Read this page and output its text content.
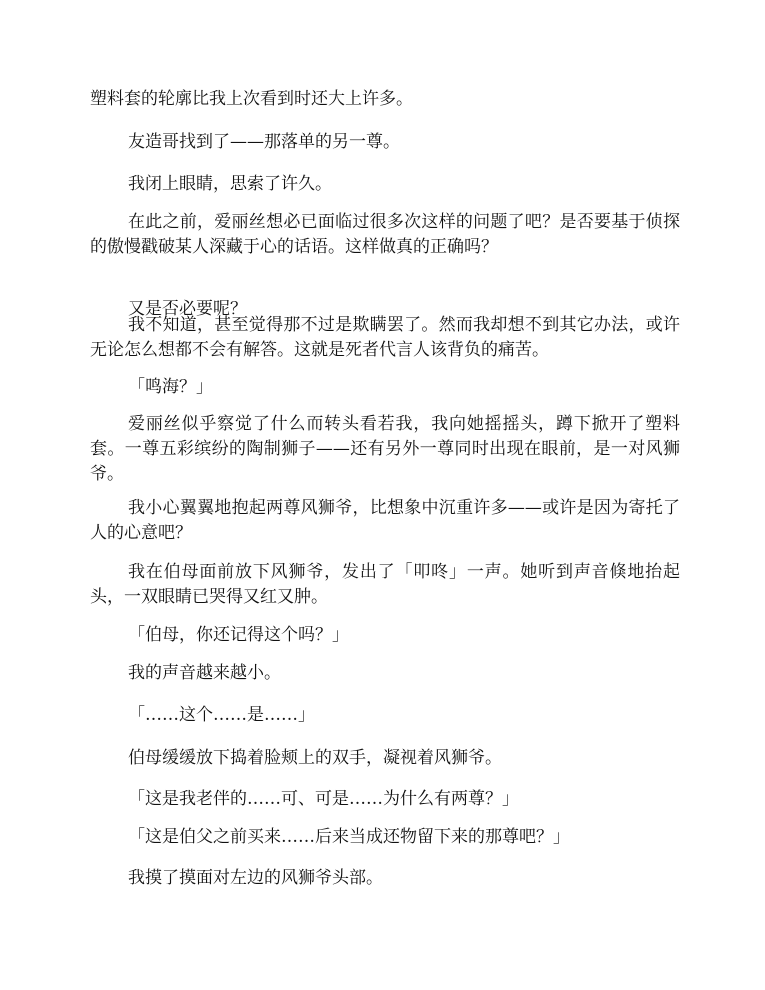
塑料套的轮廓比我上次看到时还大上许多。

友造哥找到了——那落单的另一尊。

我闭上眼睛，思索了许久。

在此之前，爱丽丝想必已面临过很多次这样的问题了吧？是否要基于侦探的傲慢戳破某人深藏于心的话语。这样做真的正确吗？

又是否必要呢？

我不知道，甚至觉得那不过是欺瞒罢了。然而我却想不到其它办法，或许无论怎么想都不会有解答。这就是死者代言人该背负的痛苦。

「鸣海？」

爱丽丝似乎察觉了什么而转头看若我，我向她摇摇头，蹲下掀开了塑料套。一尊五彩缤纷的陶制狮子——还有另外一尊同时出现在眼前，是一对风狮爷。

我小心翼翼地抱起两尊风狮爷，比想象中沉重许多——或许是因为寄托了人的心意吧？

我在伯母面前放下风狮爷，发出了「叩咚」一声。她听到声音倏地抬起头，一双眼睛已哭得又红又肿。

「伯母，你还记得这个吗？」

我的声音越来越小。

「……这个……是……」

伯母缓缓放下捣着脸颊上的双手，凝视着风狮爷。

「这是我老伴的……可、可是……为什么有两尊？」

「这是伯父之前买来……后来当成还物留下来的那尊吧？」

我摸了摸面对左边的风狮爷头部。
